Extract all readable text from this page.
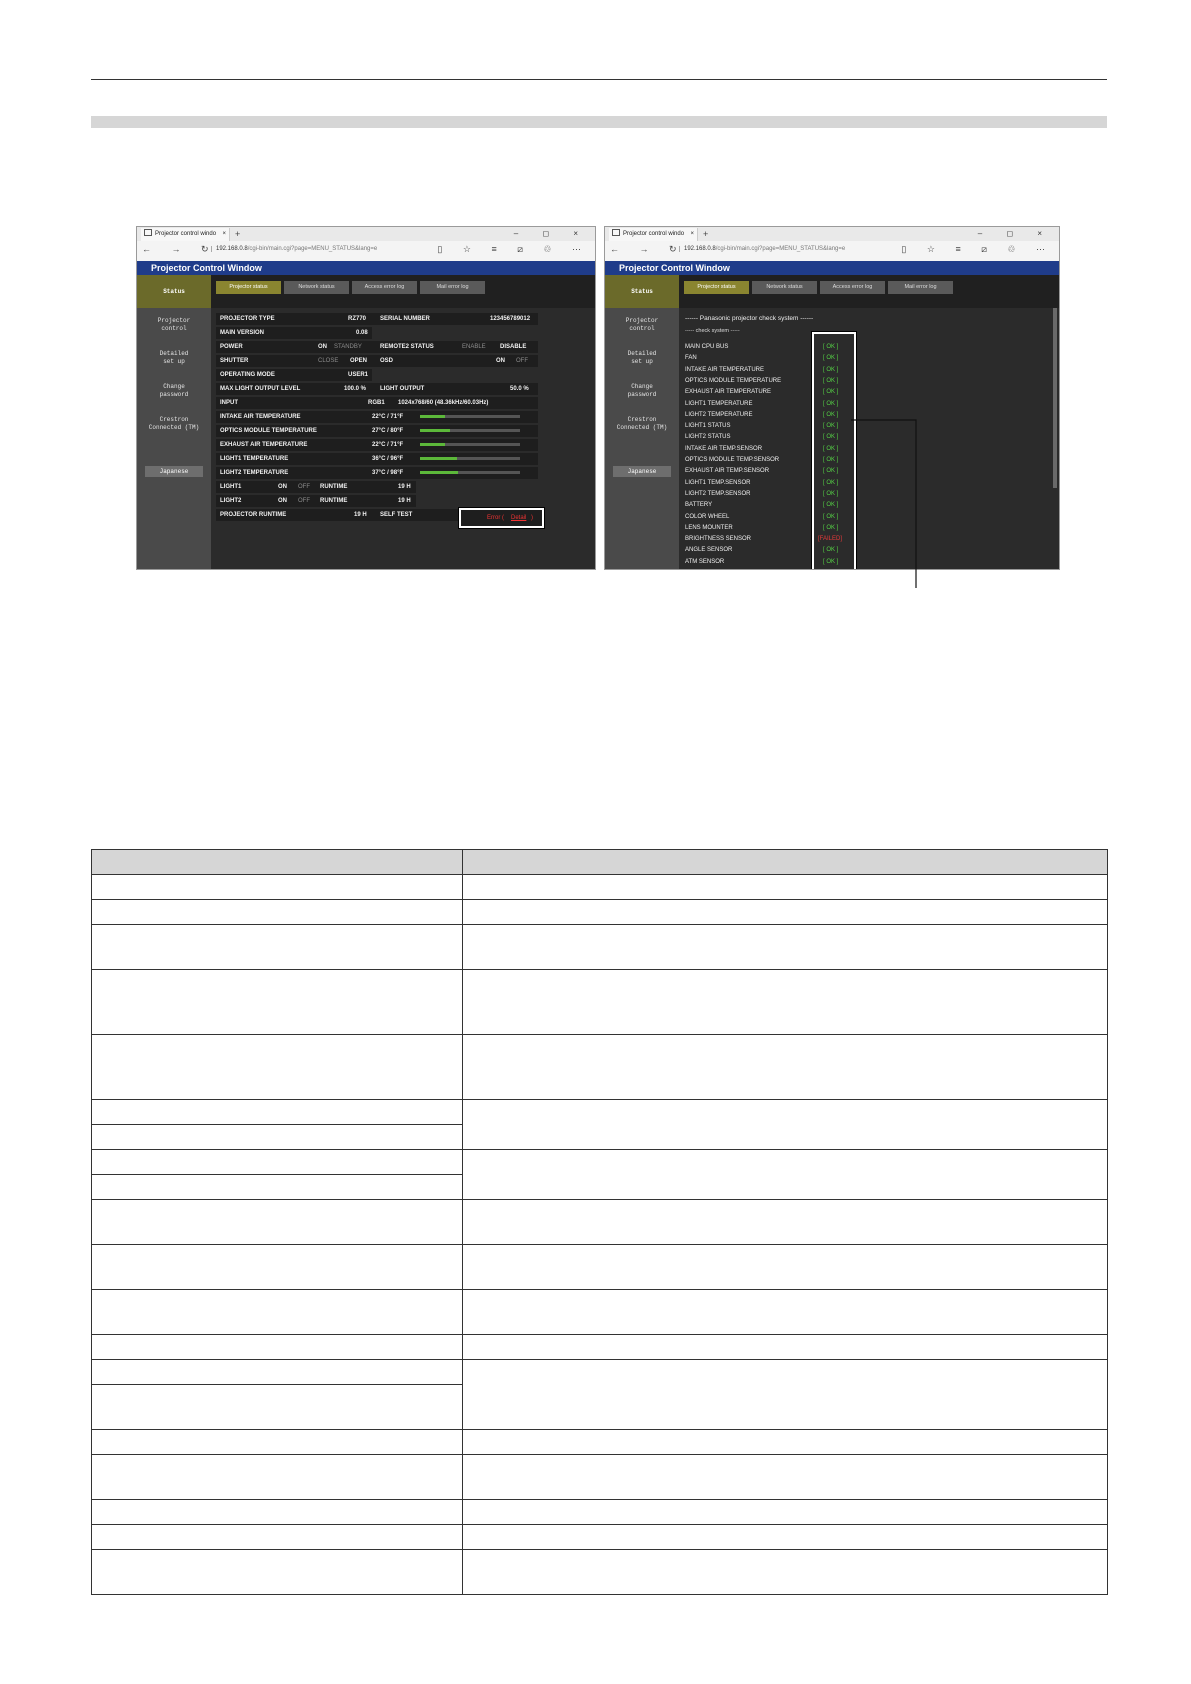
Projector control windo × +	– ◻ ×
← → ↻
192.168.0.8/cgi-bin/main.cgi?page=MENU_STATUS&lang=e	▯ ☆ ≡ ⧄ ♲ ⋯
Projector Control Window
Status
Projector
control
Detailed
set up
Change
password
Crestron
Connected (TM)
Japanese
Projector status	Network status	Access error log	Mail error log
PROJECTOR TYPE	RZ770 SERIAL NUMBER	123456789012
MAIN VERSION	0.08
POWER	ON STANDBY	REMOTE2 STATUS	ENABLE DISABLE
SHUTTER	CLOSE OPEN OSD	ON OFF
OPERATING MODE	USER1
MAX LIGHT OUTPUT LEVEL	100.0 % LIGHT OUTPUT	50.0 %
INPUT	RGB1 1024x768/60 (48.36kHz/60.03Hz)
INTAKE AIR TEMPERATURE	22°C / 71°F
OPTICS MODULE TEMPERATURE	27°C / 80°F
EXHAUST AIR TEMPERATURE	22°C / 71°F
LIGHT1 TEMPERATURE	36°C / 96°F
LIGHT2 TEMPERATURE	37°C / 98°F
LIGHT1	ON OFF RUNTIME	19 H
LIGHT2	ON OFF RUNTIME	19 H
PROJECTOR RUNTIME	19 H SELF TEST	Error ( Detail )
Projector control windo × +	– ◻ ×
← → ↻
192.168.0.8/cgi-bin/main.cgi?page=MENU_STATUS&lang=e	▯ ☆ ≡ ⧄ ♲ ⋯
Projector Control Window
Status
Projector
control
Detailed
set up
Change
password
Crestron
Connected (TM)
Japanese
Projector status	Network status	Access error log	Mail error log
------ Panasonic projector check system ------
----- check system -----
MAIN CPU BUS	[ OK ]
FAN	[ OK ]
INTAKE AIR TEMPERATURE	[ OK ]
OPTICS MODULE TEMPERATURE	[ OK ]
EXHAUST AIR TEMPERATURE	[ OK ]
LIGHT1 TEMPERATURE	[ OK ]
LIGHT2 TEMPERATURE	[ OK ]
LIGHT1 STATUS	[ OK ]
LIGHT2 STATUS	[ OK ]
INTAKE AIR TEMP.SENSOR	[ OK ]
OPTICS MODULE TEMP.SENSOR	[ OK ]
EXHAUST AIR TEMP.SENSOR	[ OK ]
LIGHT1 TEMP.SENSOR	[ OK ]
LIGHT2 TEMP.SENSOR	[ OK ]
BATTERY	[ OK ]
COLOR WHEEL	[ OK ]
LENS MOUNTER	[ OK ]
BRIGHTNESS SENSOR	[FAILED]
ANGLE SENSOR	[ OK ]
ATM SENSOR	[ OK ]
